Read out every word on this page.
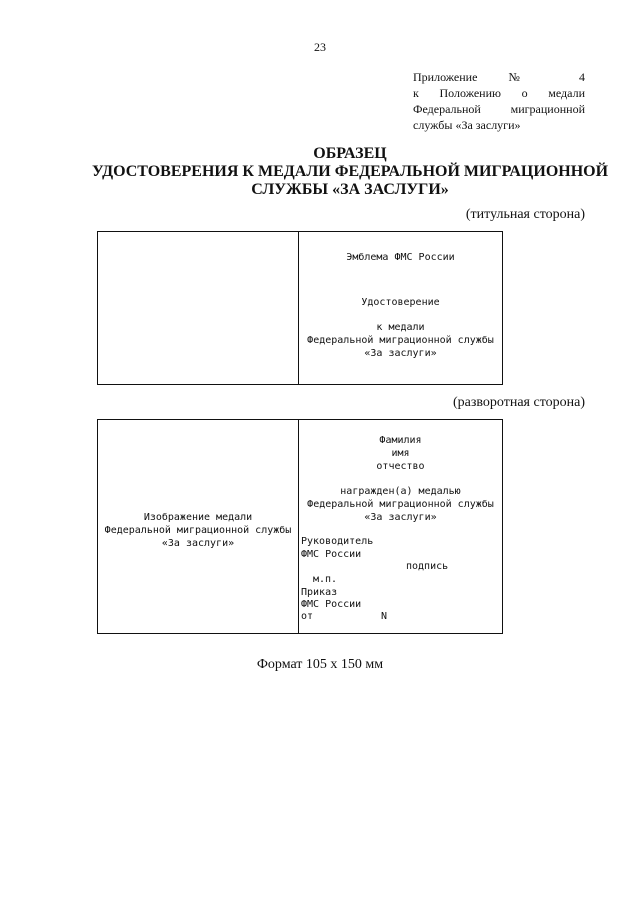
23
Приложение № 4
к Положению о медали
Федеральной миграционной
службы «За заслуги»
ОБРАЗЕЦ
УДОСТОВЕРЕНИЯ К МЕДАЛИ ФЕДЕРАЛЬНОЙ МИГРАЦИОННОЙ
СЛУЖБЫ «ЗА ЗАСЛУГИ»
(титульная сторона)
Эмблема ФМС России
Удостоверение
к медали
Федеральной миграционной службы
«За заслуги»
(разворотная сторона)
Изображение медали
Федеральной миграционной службы
«За заслуги»
Фамилия
имя
отчество
награжден(а) медалью
Федеральной миграционной службы
«За заслуги»
Руководитель
ФМС России
подпись
м.п.
Приказ
ФМС России
от	N
Формат 105 х 150 мм
